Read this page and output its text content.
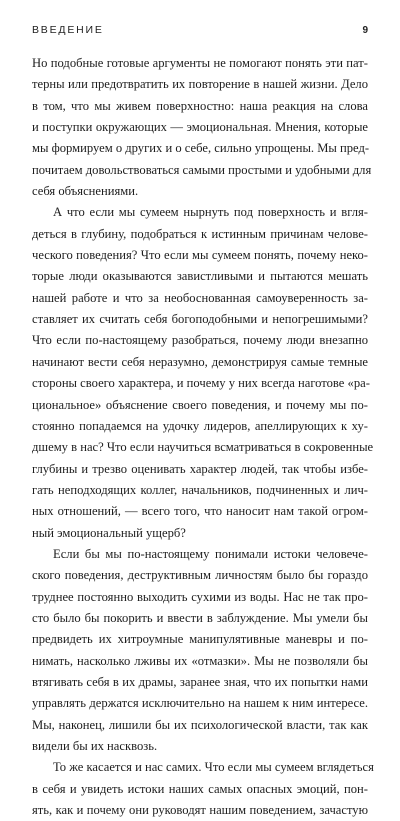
ВВЕДЕНИЕ	9
Но подобные готовые аргументы не помогают понять эти пат-
терны или предотвратить их повторение в нашей жизни. Дело
в том, что мы живем поверхностно: наша реакция на слова
и поступки окружающих — эмоциональная. Мнения, которые
мы формируем о других и о себе, сильно упрощены. Мы пред-
почитаем довольствоваться самыми простыми и удобными для
себя объяснениями.
А что если мы сумеем нырнуть под поверхность и вгля-
деться в глубину, подобраться к истинным причинам челове-
ческого поведения? Что если мы сумеем понять, почему неко-
торые люди оказываются завистливыми и пытаются мешать
нашей работе и что за необоснованная самоуверенность за-
ставляет их считать себя богоподобными и непогрешимыми?
Что если по-настоящему разобраться, почему люди внезапно
начинают вести себя неразумно, демонстрируя самые темные
стороны своего характера, и почему у них всегда наготове «ра-
циональное» объяснение своего поведения, и почему мы по-
стоянно попадаемся на удочку лидеров, апеллирующих к ху-
дшему в нас? Что если научиться всматриваться в сокровенные
глубины и трезво оценивать характер людей, так чтобы избе-
гать неподходящих коллег, начальников, подчиненных и лич-
ных отношений, — всего того, что наносит нам такой огром-
ный эмоциональный ущерб?
Если бы мы по-настоящему понимали истоки человече-
ского поведения, деструктивным личностям было бы гораздо
труднее постоянно выходить сухими из воды. Нас не так про-
сто было бы покорить и ввести в заблуждение. Мы умели бы
предвидеть их хитроумные манипулятивные маневры и по-
нимать, насколько лживы их «отмазки». Мы не позволяли бы
втягивать себя в их драмы, заранее зная, что их попытки нами
управлять держатся исключительно на нашем к ним интересе.
Мы, наконец, лишили бы их психологической власти, так как
видели бы их насквозь.
То же касается и нас самих. Что если мы сумеем вглядеться
в себя и увидеть истоки наших самых опасных эмоций, пон-
ять, как и почему они руководят нашим поведением, зачастую
